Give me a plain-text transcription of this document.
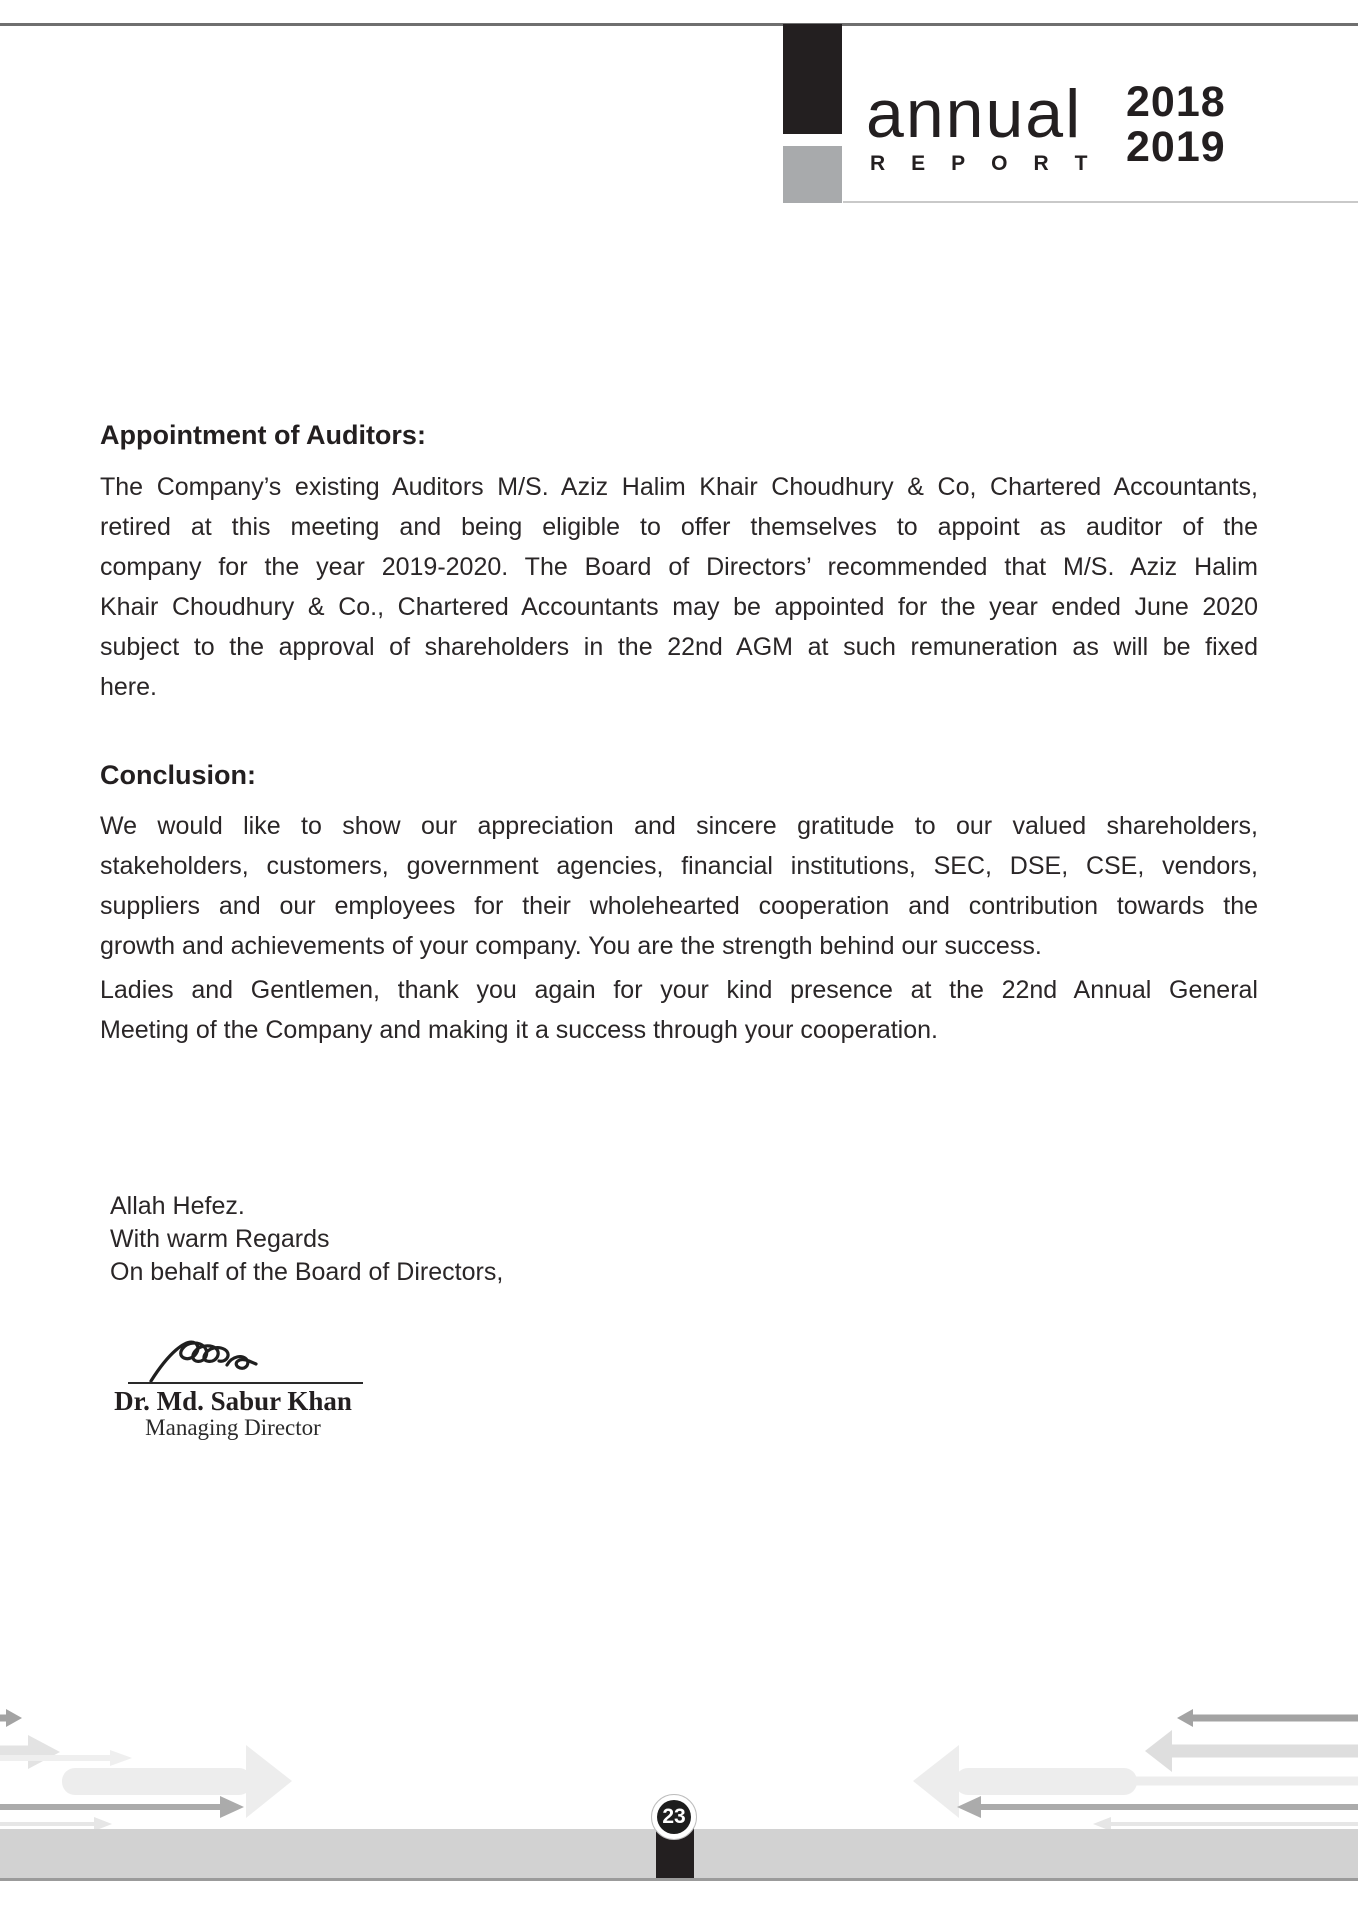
annual
REPORT
2018
2019
Appointment of Auditors:
The Company’s existing Auditors M/S. Aziz Halim Khair Choudhury & Co, Chartered Accountants,
retired at this meeting and being eligible to offer themselves to appoint as auditor of the
company for the year 2019-2020. The Board of Directors’ recommended that M/S. Aziz Halim
Khair Choudhury & Co., Chartered Accountants may be appointed for the year ended June 2020
subject to the approval of shareholders in the 22nd AGM at such remuneration as will be fixed
here.
Conclusion:
We would like to show our appreciation and sincere gratitude to our valued shareholders,
stakeholders, customers, government agencies, financial institutions, SEC, DSE, CSE, vendors,
suppliers and our employees for their wholehearted cooperation and contribution towards the
growth and achievements of your company. You are the strength behind our success.
Ladies and Gentlemen, thank you again for your kind presence at the 22nd Annual General
Meeting of the Company and making it a success through your cooperation.
Allah Hefez.
With warm Regards
On behalf of the Board of Directors,
Dr. Md. Sabur Khan
Managing Director
23
